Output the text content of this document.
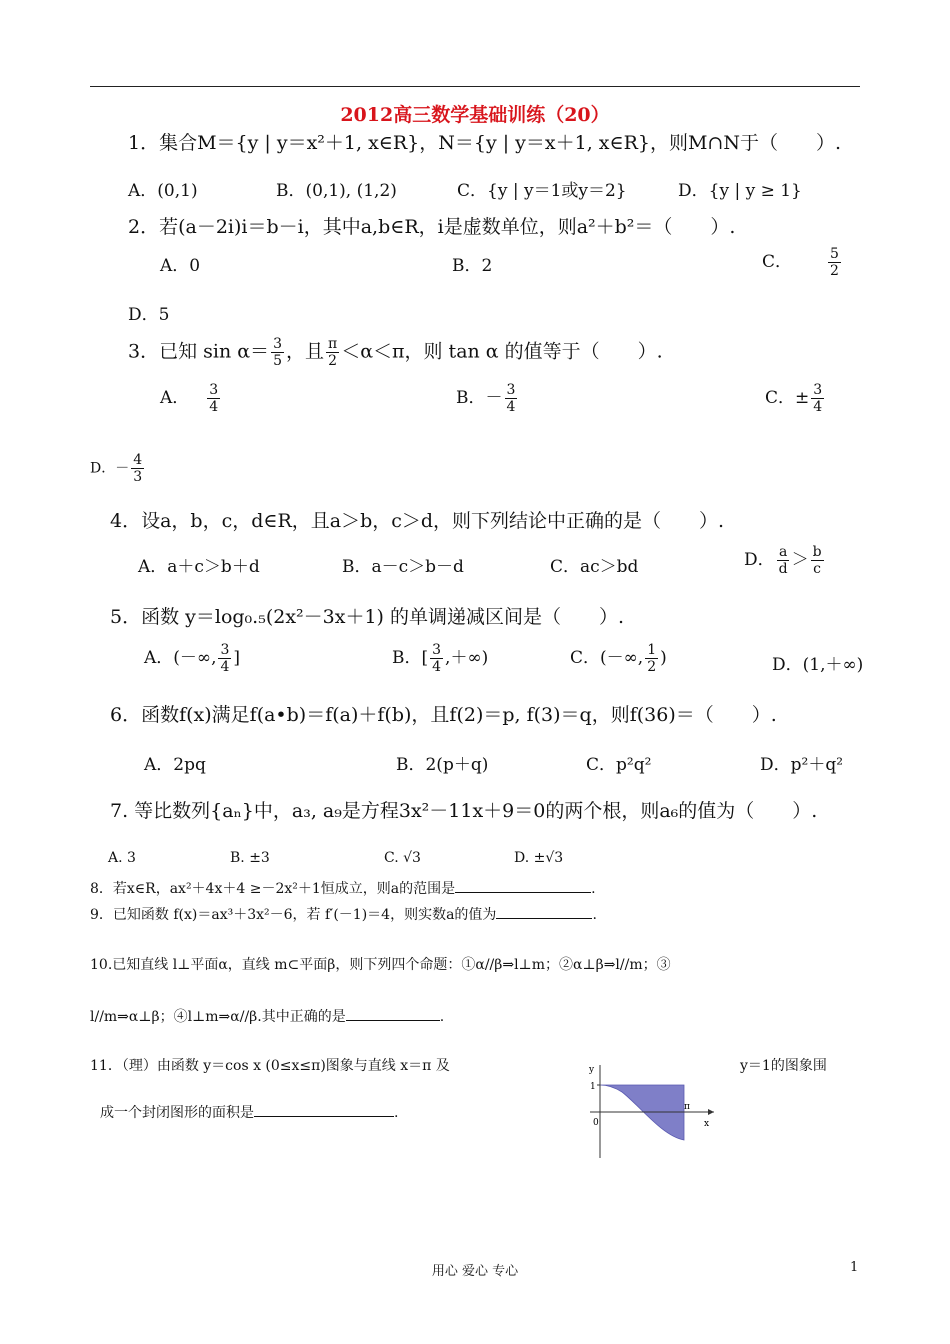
2012高三数学基础训练（20）
1．集合M＝{y | y＝x²＋1, x∈R}，N＝{y | y＝x＋1, x∈R}，则M∩N于（　　）.
A．(0,1)	B．(0,1), (1,2)	C．{y | y＝1或y＝2}	D．{y | y ≥ 1}
2．若(a－2i)i＝b－i，其中a,b∈R，i是虚数单位，则a²＋b²＝（　　）.
A．0	B．2	C．	$\frac{5}{2}$
D．5
3．已知 $\sin \alpha= \frac{3}{5}$ ，且 $\frac{\pi}{2} <\alpha<\pi$，则 tan α 的值等于（　　）.
A． $\frac{3}{4}$	B．－ $\frac{3}{4}$	C．± $\frac{3}{4}$
D．－ $\frac{4}{3}$
4．设a，b，c，d∈R，且a＞b，c＞d，则下列结论中正确的是（　　）.
A．a＋c＞b＋d	B．a－c＞b－d	C．ac＞bd	D． $\frac{a}{d} > \frac{b}{c}$
5．函数 y＝log₀.₅(2x²－3x＋1) 的单调递减区间是（　　）.
A．(－∞, $\frac{3}{4}$ ]	B．[ $\frac{3}{4}$ ,＋∞)	C．(－∞, $\frac{1}{2}$ )	D．(1,＋∞)
6．函数f(x)满足f(a•b)＝f(a)＋f(b)，且f(2)＝p, f(3)＝q，则f(36)＝（　　）.
A．2pq	B．2(p＋q)	C．p²q²	D．p²＋q²
7. 等比数列{aₙ}中，a₃, a₉是方程3x²－11x＋9＝0的两个根，则a₆的值为（　　）.
A. 3	B. ±3	C. √3	D. ±√3
8．若x∈R，ax²＋4x＋4 ≥－2x²＋1恒成立，则a的范围是	.
9．已知函数 f(x)＝ax³＋3x²－6，若 f′(－1)＝4，则实数a的值为	.
10.已知直线 l⊥平面α，直线 m⊂平面β，则下列四个命题：①α//β⇒l⊥m；②α⊥β⇒l//m；③
l//m⇒α⊥β；④l⊥m⇒α//β.其中正确的是	.
11．（理）由函数 y＝cos x (0≤x≤π)图象与直线 x＝π 及	y＝1的图象围
成一个封闭图形的面积是	.
y
1
π
0	x
用心 爱心 专心	1
